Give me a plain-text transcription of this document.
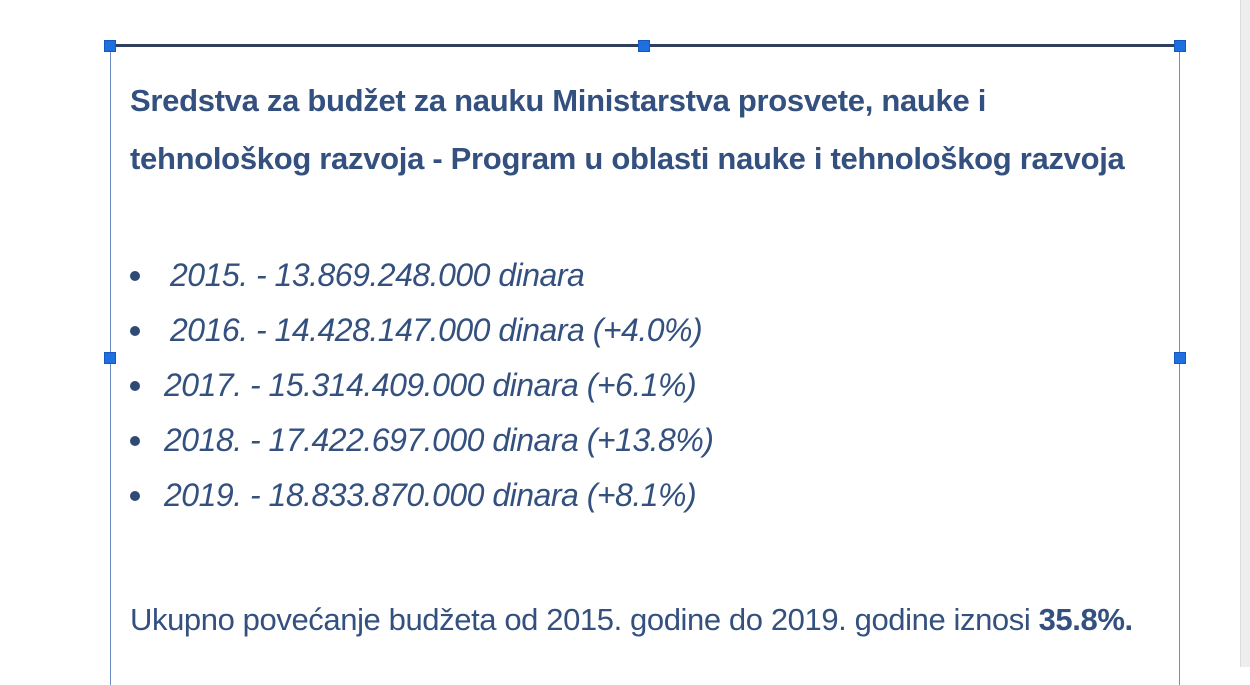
Sredstva za budžet za nauku Ministarstva prosvete, nauke i tehnološkog razvoja - Program u oblasti nauke i tehnološkog razvoja
2015. - 13.869.248.000 dinara
2016. - 14.428.147.000 dinara (+4.0%)
2017. - 15.314.409.000 dinara (+6.1%)
2018. - 17.422.697.000 dinara (+13.8%)
2019. - 18.833.870.000 dinara (+8.1%)

Ukupno povećanje budžeta od 2015. godine do 2019. godine iznosi 35.8%.
